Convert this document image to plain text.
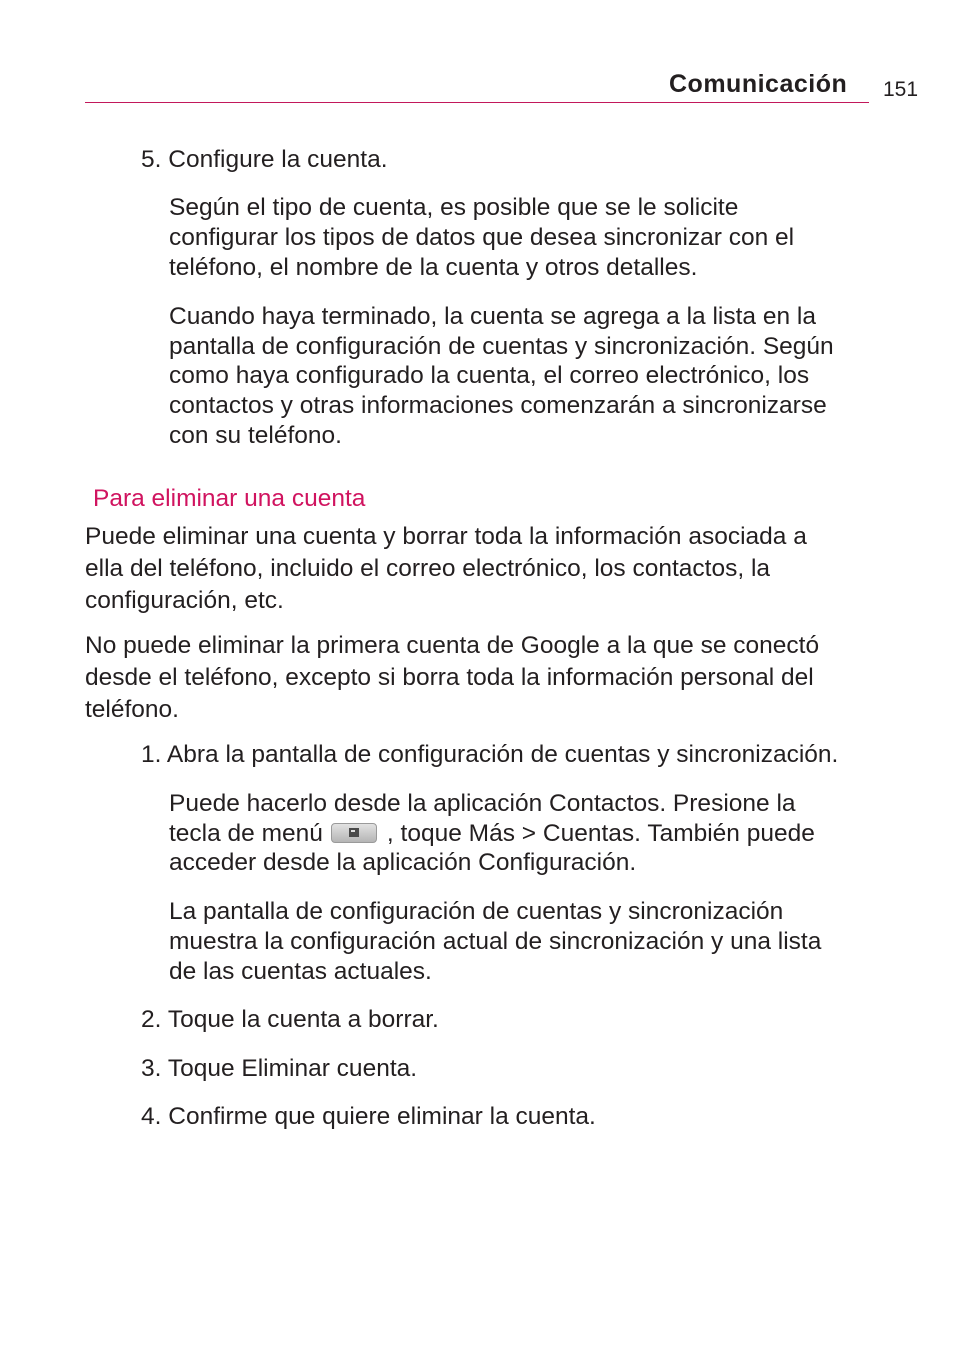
Comunicación 151
5. Configure la cuenta.
Según el tipo de cuenta, es posible que se le solicite
configurar los tipos de datos que desea sincronizar con el
teléfono, el nombre de la cuenta y otros detalles.
Cuando haya terminado, la cuenta se agrega a la lista en la
pantalla de configuración de cuentas y sincronización. Según
como haya configurado la cuenta, el correo electrónico, los
contactos y otras informaciones comenzarán a sincronizarse
con su teléfono.
Para eliminar una cuenta
Puede eliminar una cuenta y borrar toda la información asociada a
ella del teléfono, incluido el correo electrónico, los contactos, la
configuración, etc.
No puede eliminar la primera cuenta de Google a la que se conectó
desde el teléfono, excepto si borra toda la información personal del
teléfono.
1. Abra la pantalla de configuración de cuentas y sincronización.
Puede hacerlo desde la aplicación Contactos. Presione la
tecla de menú	, toque Más > Cuentas. También puede
acceder desde la aplicación Configuración.
La pantalla de configuración de cuentas y sincronización
muestra la configuración actual de sincronización y una lista
de las cuentas actuales.
2. Toque la cuenta a borrar.
3. Toque Eliminar cuenta.
4. Confirme que quiere eliminar la cuenta.
